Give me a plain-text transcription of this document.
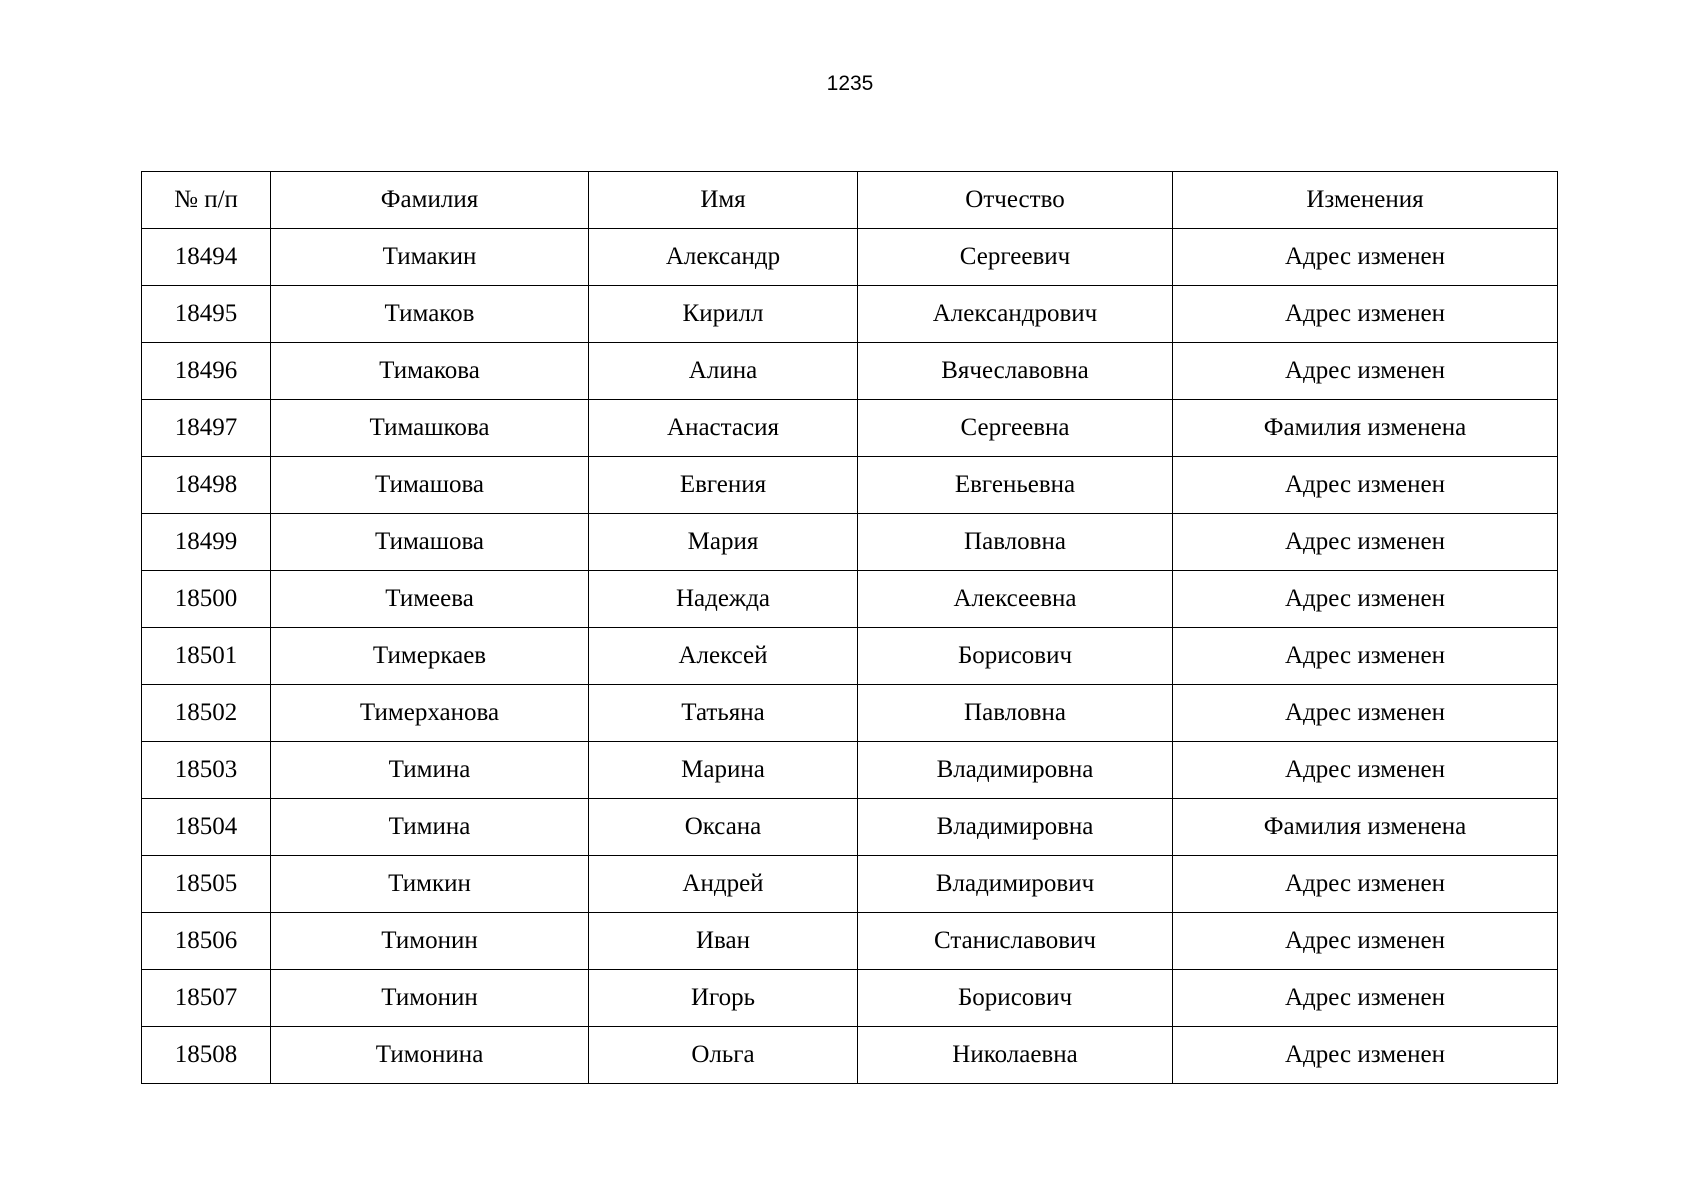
1235
№ п/п	Фамилия	Имя	Отчество	Изменения
18494	Тимакин	Александр	Сергеевич	Адрес изменен
18495	Тимаков	Кирилл	Александрович	Адрес изменен
18496	Тимакова	Алина	Вячеславовна	Адрес изменен
18497	Тимашкова	Анастасия	Сергеевна	Фамилия изменена
18498	Тимашова	Евгения	Евгеньевна	Адрес изменен
18499	Тимашова	Мария	Павловна	Адрес изменен
18500	Тимеева	Надежда	Алексеевна	Адрес изменен
18501	Тимеркаев	Алексей	Борисович	Адрес изменен
18502	Тимерханова	Татьяна	Павловна	Адрес изменен
18503	Тимина	Марина	Владимировна	Адрес изменен
18504	Тимина	Оксана	Владимировна	Фамилия изменена
18505	Тимкин	Андрей	Владимирович	Адрес изменен
18506	Тимонин	Иван	Станиславович	Адрес изменен
18507	Тимонин	Игорь	Борисович	Адрес изменен
18508	Тимонина	Ольга	Николаевна	Адрес изменен
